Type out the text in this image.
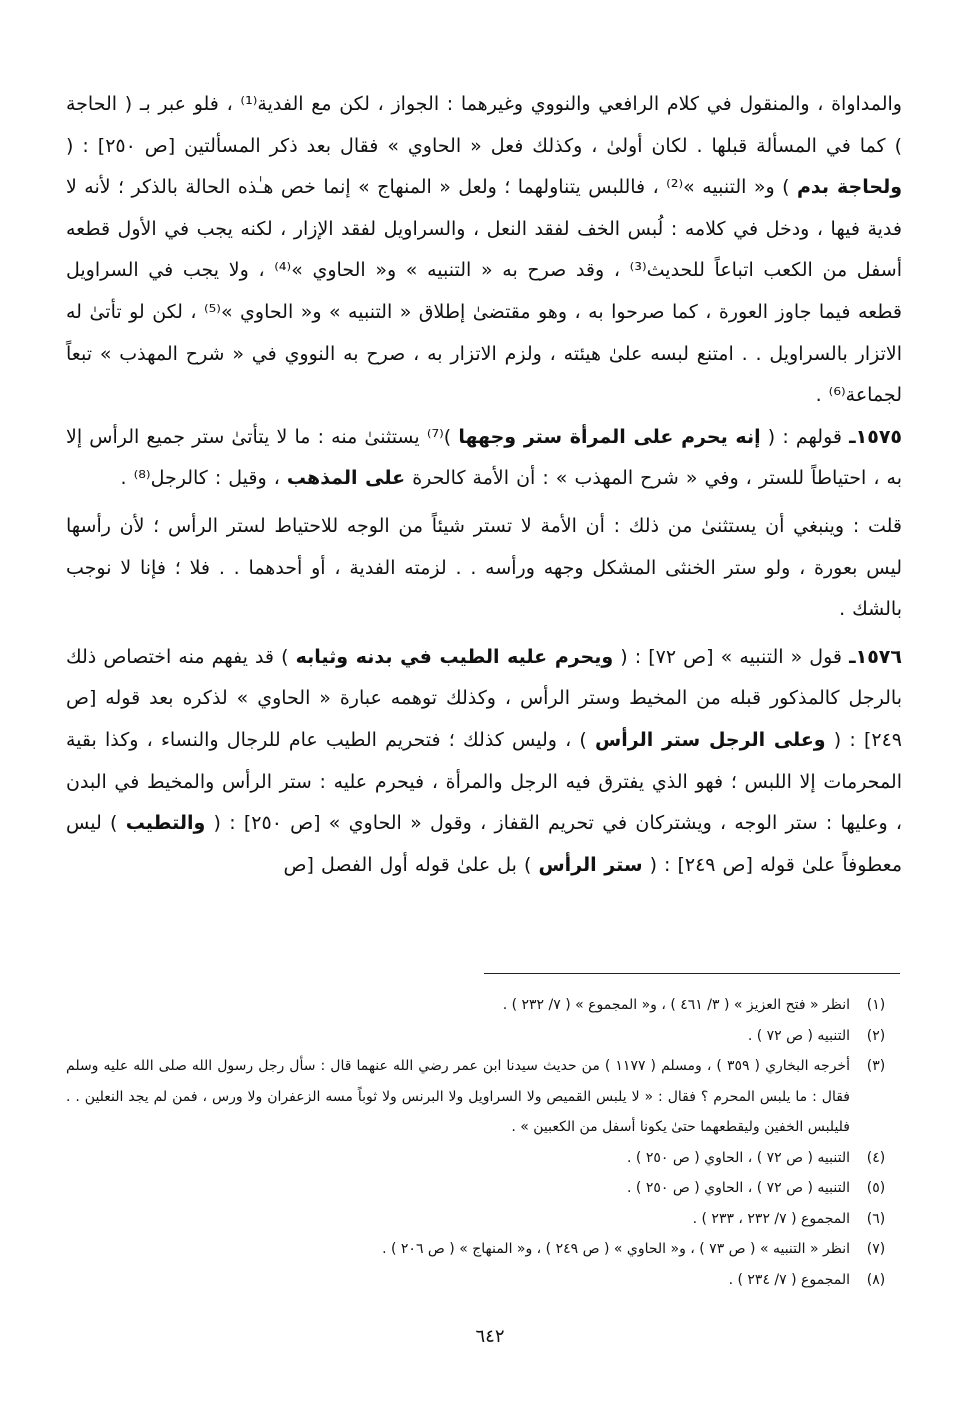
والمداواة ، والمنقول في كلام الرافعي والنووي وغيرهما : الجواز ، لكن مع الفدية⁽¹⁾ ، فلو عبر بـ ( الحاجة ) كما في المسألة قبلها . لكان أولىٰ ، وكذلك فعل « الحاوي » فقال بعد ذكر المسألتين [ص ٢٥٠] : ( ولحاجة بدم ) و« التنبيه »⁽²⁾ ، فاللبس يتناولهما ؛ ولعل « المنهاج » إنما خص هـٰذه الحالة بالذكر ؛ لأنه لا فدية فيها ، ودخل في كلامه : لُبس الخف لفقد النعل ، والسراويل لفقد الإزار ، لكنه يجب في الأول قطعه أسفل من الكعب اتباعاً للحديث⁽³⁾ ، وقد صرح به « التنبيه » و« الحاوي »⁽⁴⁾ ، ولا يجب في السراويل قطعه فيما جاوز العورة ، كما صرحوا به ، وهو مقتضىٰ إطلاق « التنبيه » و« الحاوي »⁽⁵⁾ ، لكن لو تأتىٰ له الاتزار بالسراويل . . امتنع لبسه علىٰ هيئته ، ولزم الاتزار به ، صرح به النووي في « شرح المهذب » تبعاً لجماعة⁽⁶⁾ .

١٥٧٥ـ قولهم : ( إنه يحرم على المرأة ستر وجهها )⁽⁷⁾ يستثنىٰ منه : ما لا يتأتىٰ ستر جميع الرأس إلا به ، احتياطاً للستر ، وفي « شرح المهذب » : أن الأمة كالحرة على المذهب ، وقيل : كالرجل⁽⁸⁾ .

قلت : وينبغي أن يستثنىٰ من ذلك : أن الأمة لا تستر شيئاً من الوجه للاحتياط لستر الرأس ؛ لأن رأسها ليس بعورة ، ولو ستر الخنثى المشكل وجهه ورأسه . . لزمته الفدية ، أو أحدهما . . فلا ؛ فإنا لا نوجب بالشك .

١٥٧٦ـ قول « التنبيه » [ص ٧٢] : ( ويحرم عليه الطيب في بدنه وثيابه ) قد يفهم منه اختصاص ذلك بالرجل كالمذكور قبله من المخيط وستر الرأس ، وكذلك توهمه عبارة « الحاوي » لذكره بعد قوله [ص ٢٤٩] : ( وعلى الرجل ستر الرأس ) ، وليس كذلك ؛ فتحريم الطيب عام للرجال والنساء ، وكذا بقية المحرمات إلا اللبس ؛ فهو الذي يفترق فيه الرجل والمرأة ، فيحرم عليه : ستر الرأس والمخيط في البدن ، وعليها : ستر الوجه ، ويشتركان في تحريم القفاز ، وقول « الحاوي » [ص ٢٥٠] : ( والتطيب ) ليس معطوفاً علىٰ قوله [ص ٢٤٩] : ( ستر الرأس ) بل علىٰ قوله أول الفصل [ص

(١)
انظر « فتح العزيز » ( ٣/ ٤٦١ ) ، و« المجموع » ( ٧/ ٢٣٢ ) .
(٢)
التنبيه ( ص ٧٢ ) .
(٣)
أخرجه البخاري ( ٣٥٩ ) ، ومسلم ( ١١٧٧ ) من حديث سيدنا ابن عمر رضي الله عنهما قال : سأل رجل رسول الله صلى الله عليه وسلم فقال : ما يلبس المحرم ؟ فقال : « لا يلبس القميص ولا السراويل ولا البرنس ولا ثوباً مسه الزعفران ولا ورس ، فمن لم يجد النعلين . . فليلبس الخفين وليقطعهما حتىٰ يكونا أسفل من الكعبين » .
(٤)
التنبيه ( ص ٧٢ ) ، الحاوي ( ص ٢٥٠ ) .
(٥)
التنبيه ( ص ٧٢ ) ، الحاوي ( ص ٢٥٠ ) .
(٦)
المجموع ( ٧/ ٢٣٢ ، ٢٣٣ ) .
(٧)
انظر « التنبيه » ( ص ٧٣ ) ، و« الحاوي » ( ص ٢٤٩ ) ، و« المنهاج » ( ص ٢٠٦ ) .
(٨)
المجموع ( ٧/ ٢٣٤ ) .
٦٤٢
